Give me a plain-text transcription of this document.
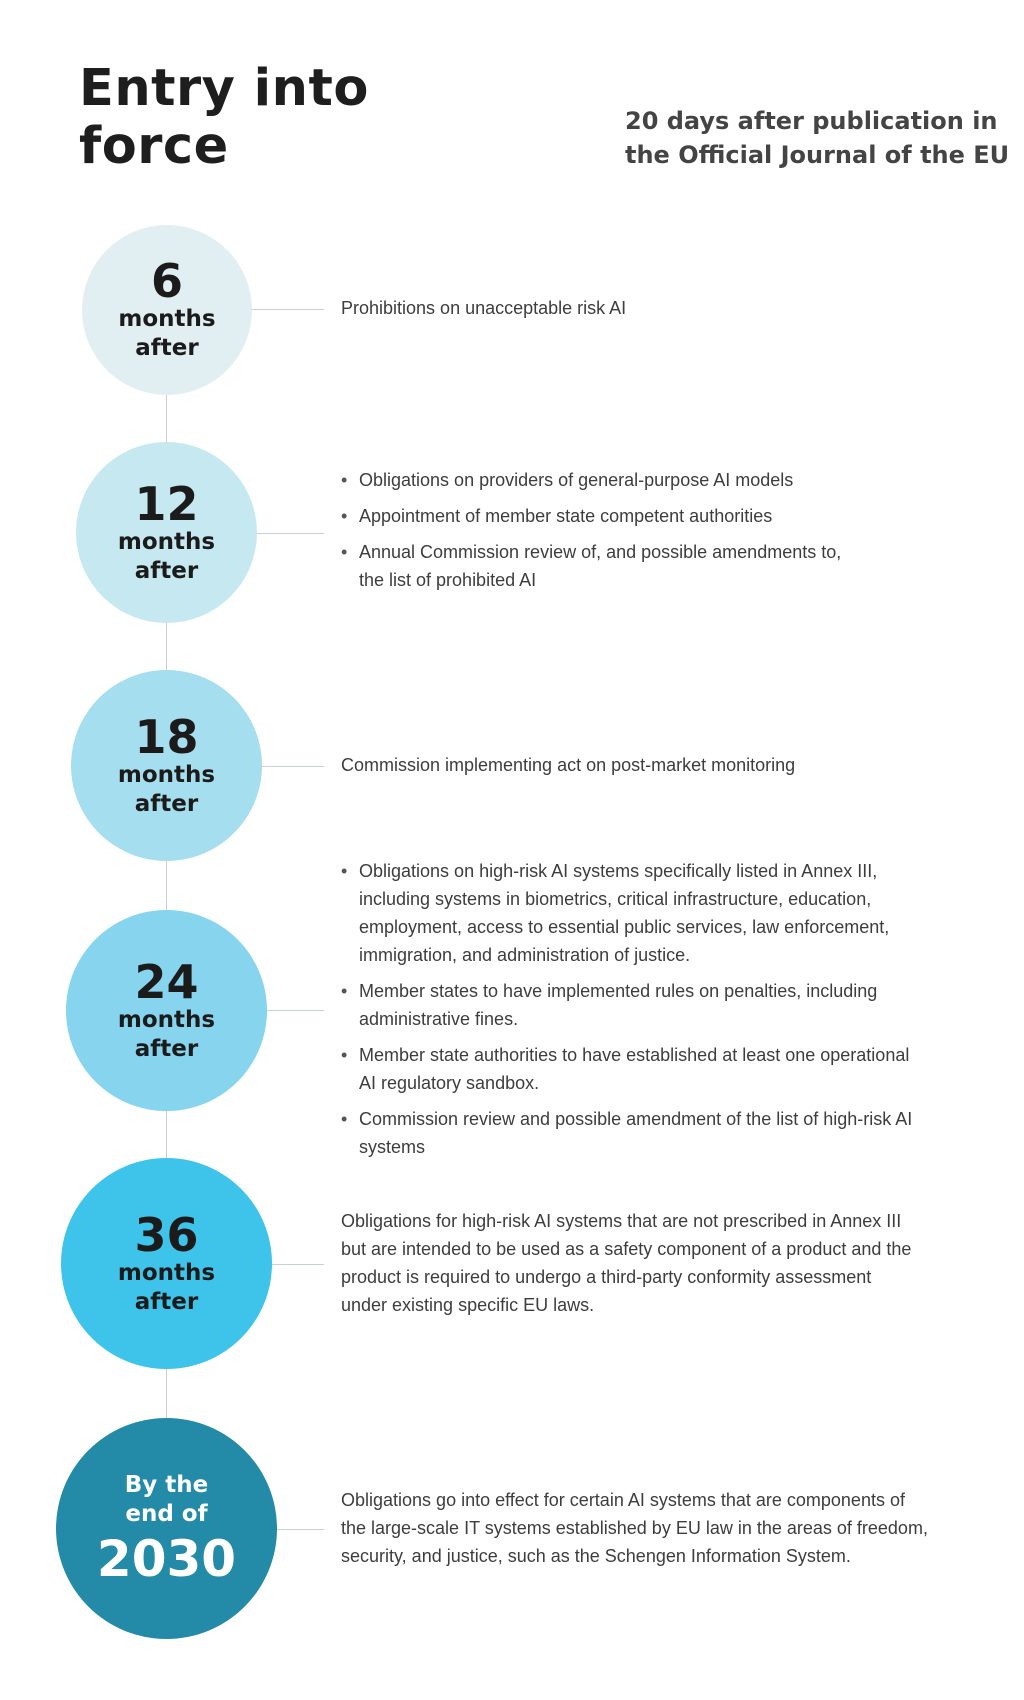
Entry into
force	20 days after publication in
the Official Journal of the EU
6
months
after
Prohibitions on unacceptable risk AI
12
months
after
• Obligations on providers of general-purpose AI models
• Appointment of member state competent authorities
• Annual Commission review of, and possible amendments to,
the list of prohibited AI
18
months
after
Commission implementing act on post-market monitoring
24
months
after
• Obligations on high-risk AI systems specifically listed in Annex III,
including systems in biometrics, critical infrastructure, education,
employment, access to essential public services, law enforcement,
immigration, and administration of justice.
• Member states to have implemented rules on penalties, including
administrative fines.
• Member state authorities to have established at least one operational
AI regulatory sandbox.
• Commission review and possible amendment of the list of high-risk AI
systems
36
months
after
Obligations for high-risk AI systems that are not prescribed in Annex III
but are intended to be used as a safety component of a product and the
product is required to undergo a third-party conformity assessment
under existing specific EU laws.
By the
end of
2030
Obligations go into effect for certain AI systems that are components of
the large-scale IT systems established by EU law in the areas of freedom,
security, and justice, such as the Schengen Information System.
